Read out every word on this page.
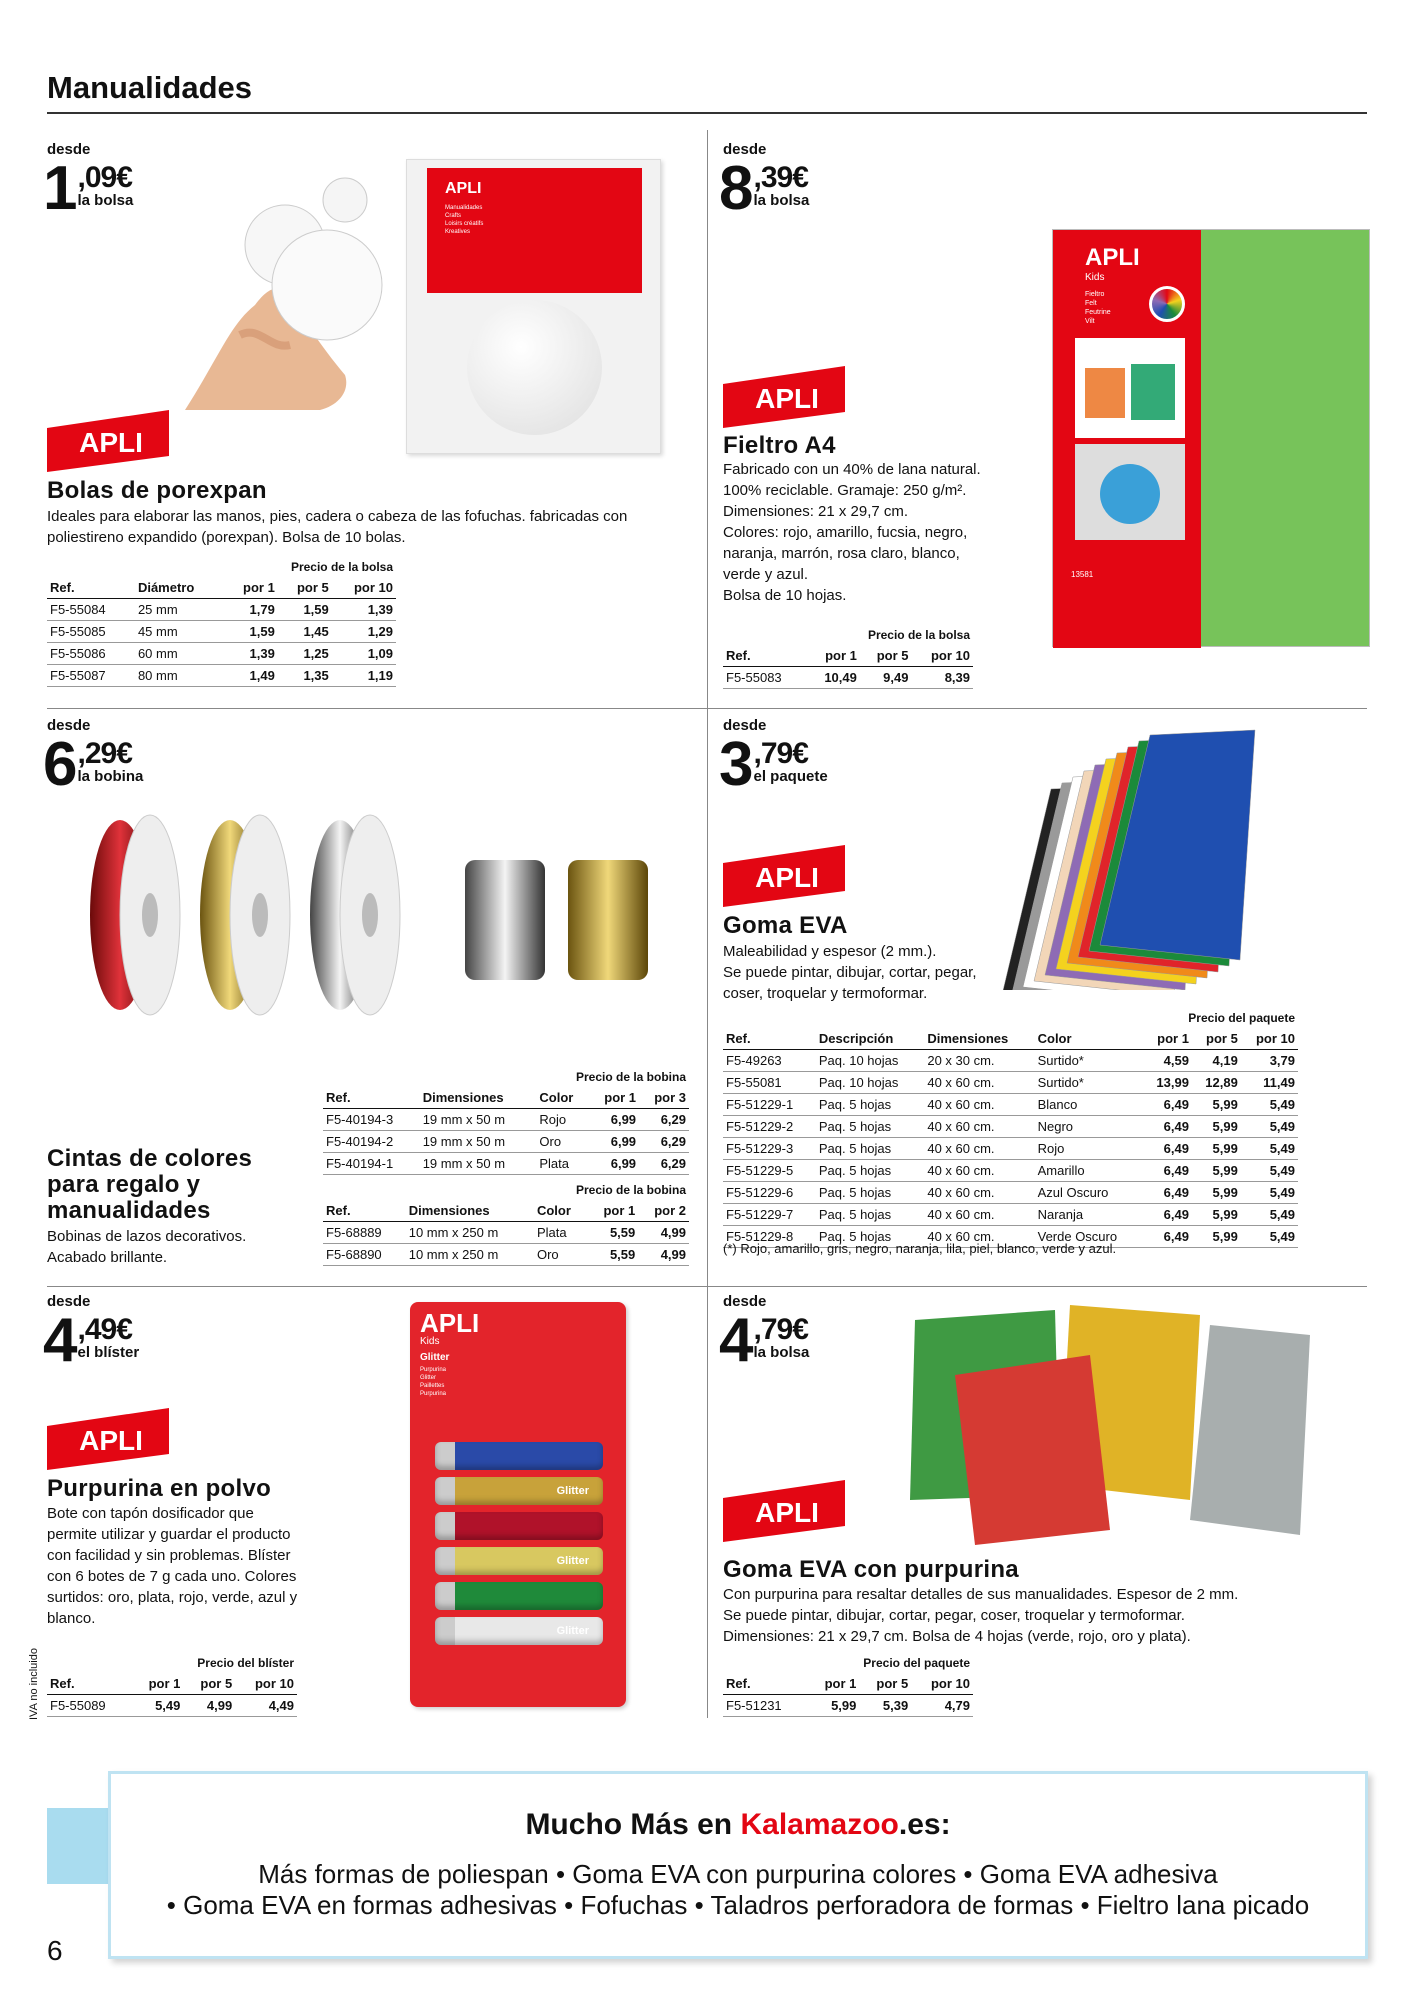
Manualidades
desde
1 ,09€
la bolsa
APLI
Manualidades
Crafts
Loisirs créatifs
Kreatives
APLI
Bolas de porexpan
Ideales para elaborar las manos, pies, cadera o cabeza de las fofuchas. fabricadas con poliestireno expandido (porexpan). Bolsa de 10 bolas.
Precio de la bolsa				
Ref.	Diámetro	por 1	por 5	por 10
F5-55084	25 mm	1,79	1,59	1,39
F5-55085	45 mm	1,59	1,45	1,29
F5-55086	60 mm	1,39	1,25	1,09
F5-55087	80 mm	1,49	1,35	1,19
desde
8 ,39€
la bolsa
APLI
Kids
Fieltro
Felt
Feutrine
Vilt
13581
APLI
Fieltro A4
Fabricado con un 40% de lana natural.
100% reciclable. Gramaje: 250 g/m².
Dimensiones: 21 x 29,7 cm.
Colores: rojo, amarillo, fucsia, negro,
naranja, marrón, rosa claro, blanco,
verde y azul.
Bolsa de 10 hojas.
Precio de la bolsa			
Ref.	por 1	por 5	por 10
F5-55083	10,49	9,49	8,39
desde
6 ,29€
la bobina
Precio de la bobina				
Ref.	Dimensiones	Color	por 1	por 3
F5-40194-3	19 mm x 50 m	Rojo	6,99	6,29
F5-40194-2	19 mm x 50 m	Oro	6,99	6,29
F5-40194-1	19 mm x 50 m	Plata	6,99	6,29
Precio de la bobina				
Ref.	Dimensiones	Color	por 1	por 2
F5-68889	10 mm x 250 m	Plata	5,59	4,99
F5-68890	10 mm x 250 m	Oro	5,59	4,99
Cintas de colores
para regalo y
manualidades
Bobinas de lazos decorativos.
Acabado brillante.
desde
3 ,79€
el paquete
APLI
Goma EVA
Maleabilidad y espesor (2 mm.).
Se puede pintar, dibujar, cortar, pegar,
coser, troquelar y termoformar.
Precio del paquete						
Ref.	Descripción	Dimensiones	Color	por 1	por 5	por 10
F5-49263	Paq. 10 hojas	20 x 30 cm.	Surtido*	4,59	4,19	3,79
F5-55081	Paq. 10 hojas	40 x 60 cm.	Surtido*	13,99	12,89	11,49
F5-51229-1	Paq. 5 hojas	40 x 60 cm.	Blanco	6,49	5,99	5,49
F5-51229-2	Paq. 5 hojas	40 x 60 cm.	Negro	6,49	5,99	5,49
F5-51229-3	Paq. 5 hojas	40 x 60 cm.	Rojo	6,49	5,99	5,49
F5-51229-5	Paq. 5 hojas	40 x 60 cm.	Amarillo	6,49	5,99	5,49
F5-51229-6	Paq. 5 hojas	40 x 60 cm.	Azul Oscuro	6,49	5,99	5,49
F5-51229-7	Paq. 5 hojas	40 x 60 cm.	Naranja	6,49	5,99	5,49
F5-51229-8	Paq. 5 hojas	40 x 60 cm.	Verde Oscuro	6,49	5,99	5,49
(*) Rojo, amarillo, gris, negro, naranja, lila, piel, blanco, verde y azul.
desde
4 ,49€
el blíster
APLI
Kids
Glitter
Purpurina
Glitter
Paillettes
Purpurina
Glitter
Glitter
Glitter
APLI
Purpurina en polvo
Bote con tapón dosificador que
permite utilizar y guardar el producto
con facilidad y sin problemas. Blíster
con 6 botes de 7 g cada uno. Colores
surtidos: oro, plata, rojo, verde, azul y
blanco.
Precio del blíster			
Ref.	por 1	por 5	por 10
F5-55089	5,49	4,99	4,49
desde
4 ,79€
la bolsa
APLI
Goma EVA con purpurina
Con purpurina para resaltar detalles de sus manualidades. Espesor de 2 mm.
Se puede pintar, dibujar, cortar, pegar, coser, troquelar y termoformar.
Dimensiones: 21 x 29,7 cm. Bolsa de 4 hojas (verde, rojo, oro y plata).
Precio del paquete			
Ref.	por 1	por 5	por 10
F5-51231	5,99	5,39	4,79
IVA no incluido
Mucho Más en Kalamazoo.es:
Más formas de poliespan • Goma EVA con purpurina colores • Goma EVA adhesiva
• Goma EVA en formas adhesivas • Fofuchas • Taladros perforadora de formas • Fieltro lana picado
6
